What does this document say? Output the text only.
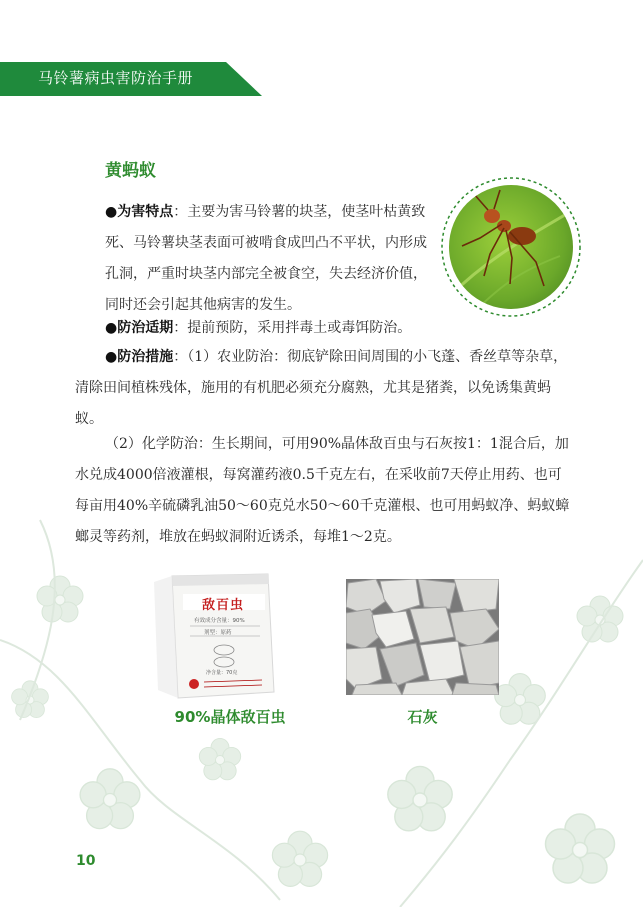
马铃薯病虫害防治手册
黄蚂蚁
●为害特点：主要为害马铃薯的块茎，使茎叶枯黄致死、马铃薯块茎表面可被啃食成凹凸不平状，内形成孔洞，严重时块茎内部完全被食空，失去经济价值，同时还会引起其他病害的发生。
●防治适期：提前预防，采用拌毒土或毒饵防治。
●防治措施：（1）农业防治：彻底铲除田间周围的小飞蓬、香丝草等杂草，清除田间植株残体，施用的有机肥必须充分腐熟，尤其是猪粪，以免诱集黄蚂蚁。
（2）化学防治：生长期间，可用90%晶体敌百虫与石灰按1：1混合后，加水兑成4000倍液灌根，每窝灌药液0.5千克左右，在采收前7天停止用药、也可每亩用40%辛硫磷乳油50～60克兑水50～60千克灌根、也可用蚂蚁净、蚂蚁蟑螂灵等药剂，堆放在蚂蚁洞附近诱杀，每堆1～2克。
敌百虫
有效成分含量：90%
剂型：原药
净含量：70克
90%晶体敌百虫	石灰
10
